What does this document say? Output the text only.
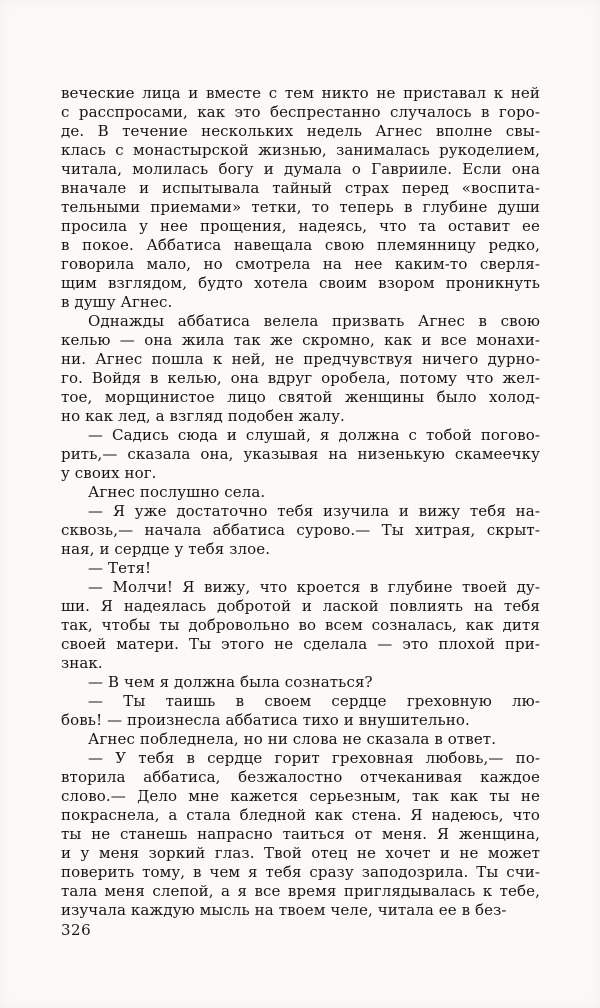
веческие лица и вместе с тем никто не приставал к ней
с расспросами, как это беспрестанно случалось в горо-
де. В течение нескольких недель Агнес вполне свы-
клась с монастырской жизнью, занималась рукоделием,
читала, молилась богу и думала о Гаврииле. Если она
вначале и испытывала тайный страх перед «воспита-
тельными приемами» тетки, то теперь в глубине души
просила у нее прощения, надеясь, что та оставит ее
в покое. Аббатиса навещала свою племянницу редко,
говорила мало, но смотрела на нее каким-то сверля-
щим взглядом, будто хотела своим взором проникнуть
в душу Агнес.
Однажды аббатиса велела призвать Агнес в свою
келью — она жила так же скромно, как и все монахи-
ни. Агнес пошла к ней, не предчувствуя ничего дурно-
го. Войдя в келью, она вдруг оробела, потому что жел-
тое, морщинистое лицо святой женщины было холод-
но как лед, а взгляд подобен жалу.
— Садись сюда и слушай, я должна с тобой погово-
рить,— сказала она, указывая на низенькую скамеечку
у своих ног.
Агнес послушно села.
— Я уже достаточно тебя изучила и вижу тебя на-
сквозь,— начала аббатиса сурово.— Ты хитрая, скрыт-
ная, и сердце у тебя злое.
— Тетя!
— Молчи! Я вижу, что кроется в глубине твоей ду-
ши. Я надеялась добротой и лаской повлиять на тебя
так, чтобы ты добровольно во всем созналась, как дитя
своей матери. Ты этого не сделала — это плохой при-
знак.
— В чем я должна была сознаться?
— Ты таишь в своем сердце греховную лю-
бовь! — произнесла аббатиса тихо и внушительно.
Агнес побледнела, но ни слова не сказала в ответ.
— У тебя в сердце горит греховная любовь,— по-
вторила аббатиса, безжалостно отчеканивая каждое
слово.— Дело мне кажется серьезным, так как ты не
покраснела, а стала бледной как стена. Я надеюсь, что
ты не станешь напрасно таиться от меня. Я женщина,
и у меня зоркий глаз. Твой отец не хочет и не может
поверить тому, в чем я тебя сразу заподозрила. Ты счи-
тала меня слепой, а я все время приглядывалась к тебе,
изучала каждую мысль на твоем челе, читала ее в без-
326
